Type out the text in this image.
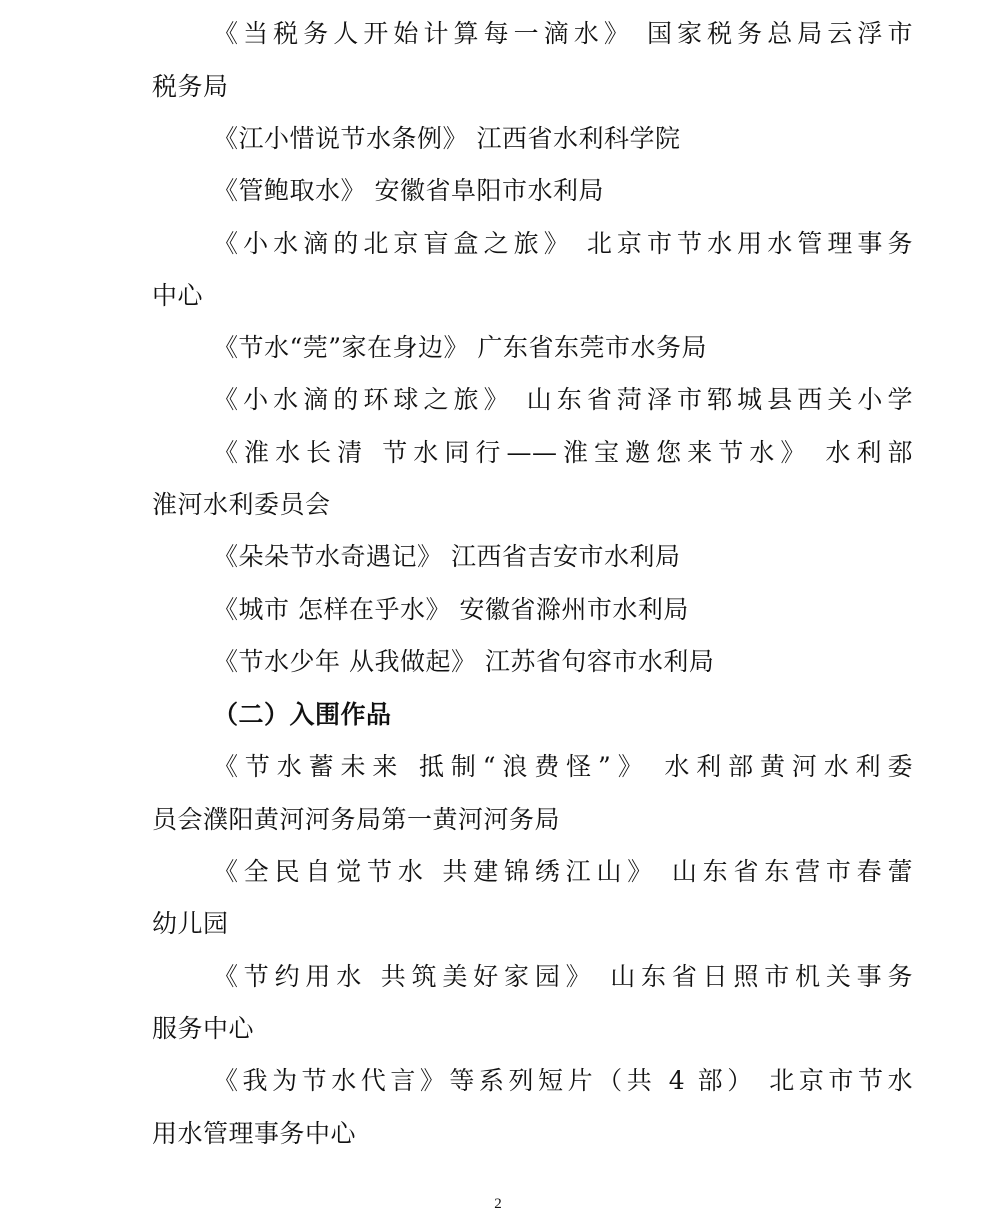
《当税务人开始计算每一滴水》 国家税务总局云浮市
税务局
《江小惜说节水条例》 江西省水利科学院
《管鲍取水》 安徽省阜阳市水利局
《小水滴的北京盲盒之旅》 北京市节水用水管理事务
中心
《节水“莞”家在身边》 广东省东莞市水务局
《小水滴的环球之旅》 山东省菏泽市郓城县西关小学
《淮水长清 节水同行——淮宝邀您来节水》 水利部
淮河水利委员会
《朵朵节水奇遇记》 江西省吉安市水利局
《城市 怎样在乎水》 安徽省滁州市水利局
《节水少年 从我做起》 江苏省句容市水利局
（二）入围作品
《节水蓄未来 抵制“浪费怪”》 水利部黄河水利委
员会濮阳黄河河务局第一黄河河务局
《全民自觉节水 共建锦绣江山》 山东省东营市春蕾
幼儿园
《节约用水 共筑美好家园》 山东省日照市机关事务
服务中心
《我为节水代言》等系列短片（共 4 部） 北京市节水
用水管理事务中心
2
